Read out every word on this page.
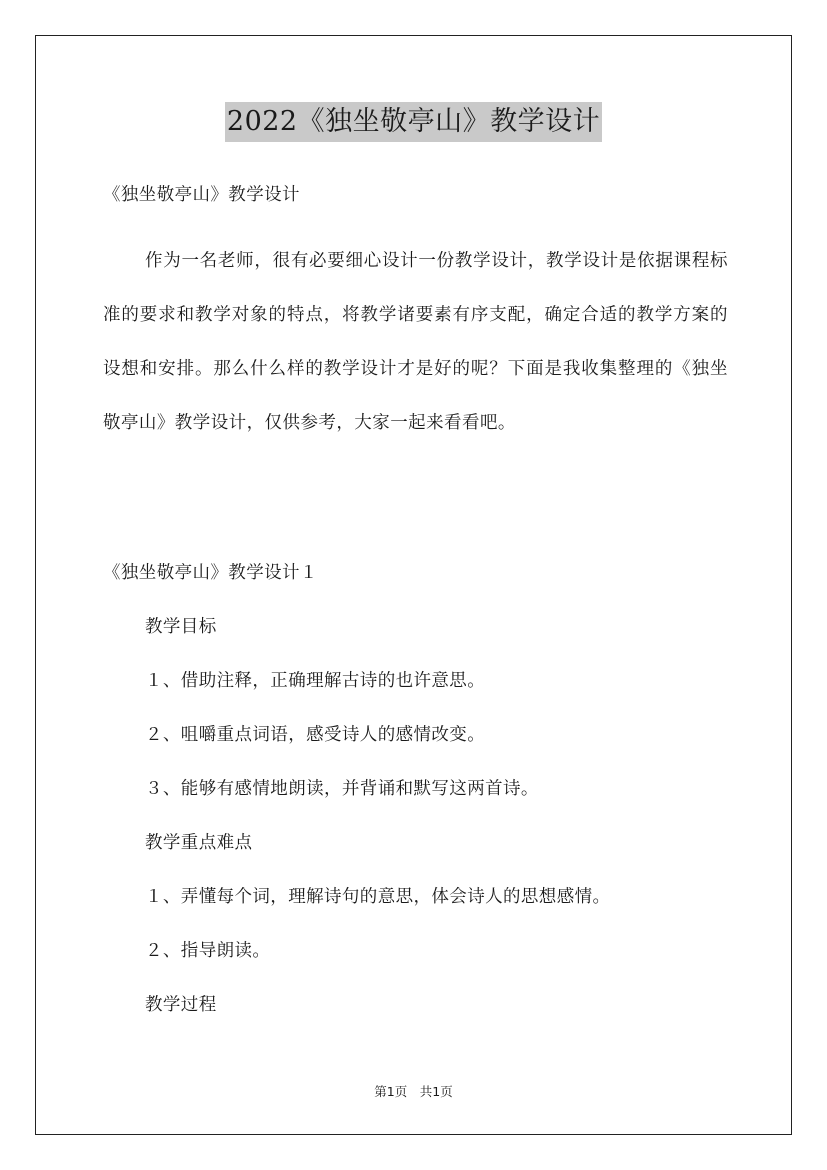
2022《独坐敬亭山》教学设计
《独坐敬亭山》教学设计

作为一名老师，很有必要细心设计一份教学设计，教学设计是依据课程标准的要求和教学对象的特点，将教学诸要素有序支配，确定合适的教学方案的设想和安排。那么什么样的教学设计才是好的呢？下面是我收集整理的《独坐敬亭山》教学设计，仅供参考，大家一起来看看吧。

《独坐敬亭山》教学设计１
教学目标
１、借助注释，正确理解古诗的也许意思。
２、咀嚼重点词语，感受诗人的感情改变。
３、能够有感情地朗读，并背诵和默写这两首诗。
教学重点难点
１、弄懂每个词，理解诗句的意思，体会诗人的思想感情。
２、指导朗读。
教学过程
第1页　共1页
